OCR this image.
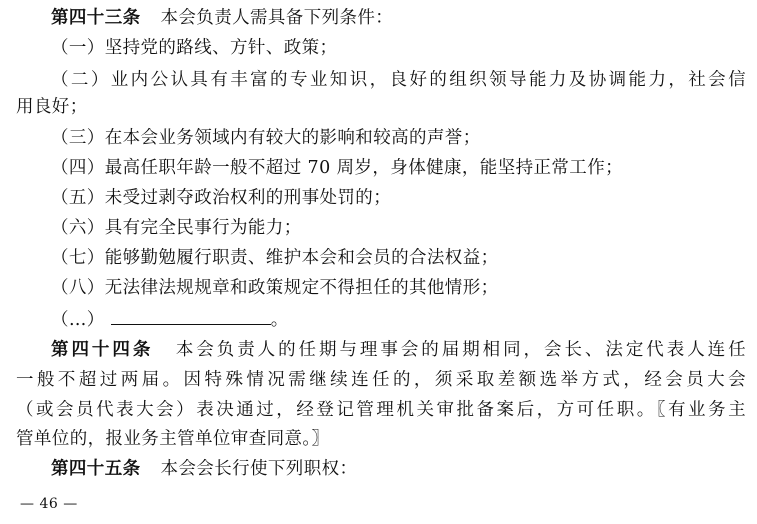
第四十三条 本会负责人需具备下列条件：
（一）坚持党的路线、方针、政策；
（二）业内公认具有丰富的专业知识，良好的组织领导能力及协调能力，社会信
用良好；
（三）在本会业务领域内有较大的影响和较高的声誉；
（四）最高任职年龄一般不超过 70 周岁，身体健康，能坚持正常工作；
（五）未受过剥夺政治权利的刑事处罚的；
（六）具有完全民事行为能力；
（七）能够勤勉履行职责、维护本会和会员的合法权益；
（八）无法律法规规章和政策规定不得担任的其他情形；
（…）	。
第四十四条 本会负责人的任期与理事会的届期相同，会长、法定代表人连任
一般不超过两届。因特殊情况需继续连任的，须采取差额选举方式，经会员大会
（或会员代表大会）表决通过，经登记管理机关审批备案后，方可任职。〖有业务主
管单位的，报业务主管单位审查同意。〗
第四十五条 本会会长行使下列职权：
— 46 —
